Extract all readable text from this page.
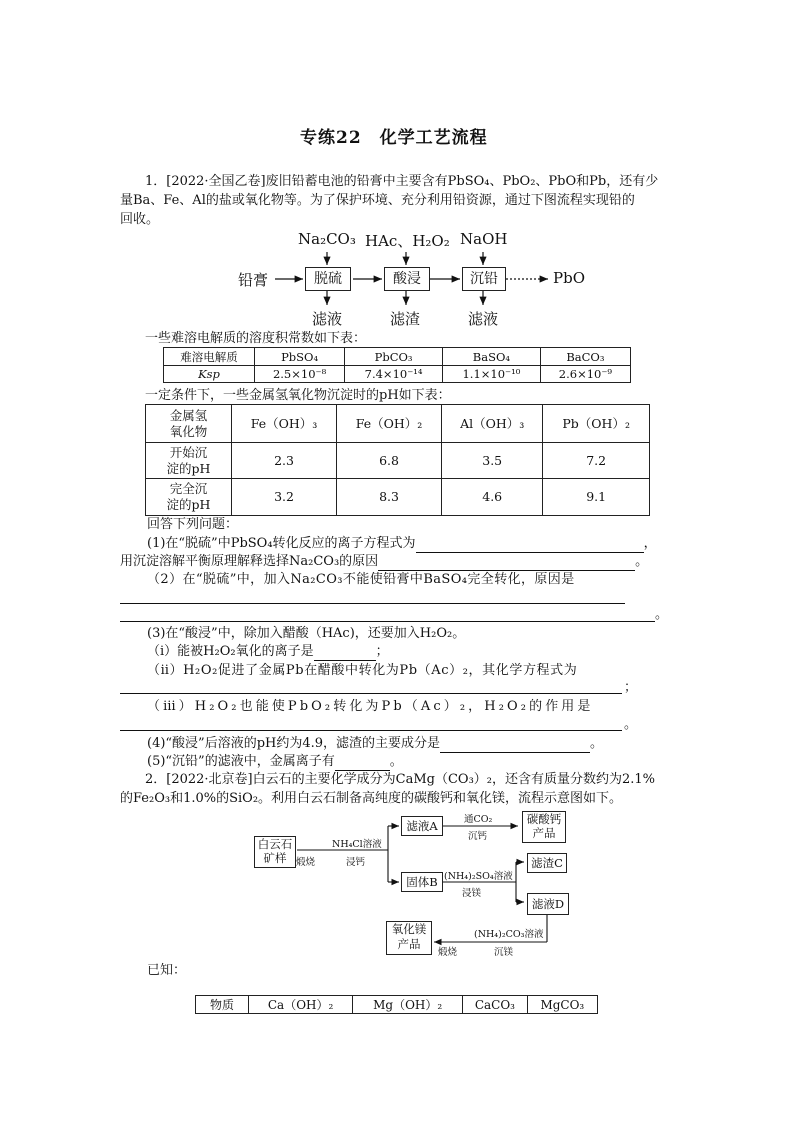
专练22　化学工艺流程
1．[2022·全国乙卷]废旧铅蓄电池的铅膏中主要含有PbSO₄、PbO₂、PbO和Pb，还有少
量Ba、Fe、Al的盐或氧化物等。为了保护环境、充分利用铅资源，通过下图流程实现铅的
回收。
Na₂CO₃ HAc、H₂O₂ NaOH
铅膏	脱硫	酸浸	沉铅	PbO
滤液	滤渣	滤液
一些难溶电解质的溶度积常数如下表：
难溶电解质	PbSO₄	PbCO₃	BaSO₄	BaCO₃
Ksp	2.5×10⁻⁸	7.4×10⁻¹⁴	1.1×10⁻¹⁰	2.6×10⁻⁹
一定条件下，一些金属氢氧化物沉淀时的pH如下表：
金属氢
氧化物	Fe（OH）₃	Fe（OH）₂	Al（OH）₃	Pb（OH）₂

开始沉
淀的pH	2.3	6.8	3.5	7.2

完全沉
淀的pH	3.2	8.3	4.6	9.1
回答下列问题：
(1)在“脱硫”中PbSO₄转化反应的离子方程式为	，
用沉淀溶解平衡原理解释选择Na₂CO₃的原因	。
（2）在“脱硫”中，加入Na₂CO₃不能使铅膏中BaSO₄完全转化，原因是
。
(3)在“酸浸”中，除加入醋酸（HAc)，还要加入H₂O₂。
（ⅰ）能被H₂O₂氧化的离子是	；
（ⅱ）H₂O₂促进了金属Pb在醋酸中转化为Pb（Ac）₂，其化学方程式为
；
（ⅲ）H₂O₂也能使PbO₂转化为Pb（Ac）₂，H₂O₂的作用是
。
(4)“酸浸”后溶液的pH约为4.9，滤渣的主要成分是	。
(5)“沉铅”的滤液中，金属离子有	。
2．[2022·北京卷]白云石的主要化学成分为CaMg（CO₃）₂，还含有质量分数约为2.1%
的Fe₂O₃和1.0%的SiO₂。利用白云石制备高纯度的碳酸钙和氧化镁，流程示意图如下。
白云石
矿样	煅烧
NH₄Cl溶液
浸钙
滤液A	通CO₂
沉钙
碳酸钙
产品
固体B (NH₄)₂SO₄溶液
浸镁
滤渣C
滤液D
氧化镁
产品
煅烧
(NH₄)₂CO₃溶液
沉镁
已知：
物质	Ca（OH）₂	Mg（OH）₂	CaCO₃	MgCO₃
